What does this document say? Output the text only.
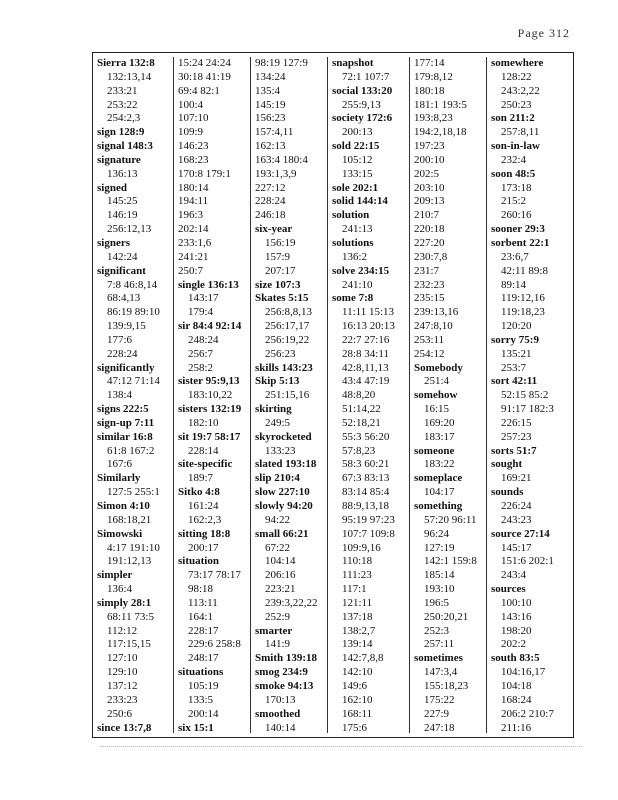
Page 312
Sierra 132:8
132:13,14
233:21
253:22
254:2,3
sign 128:9
signal 148:3
signature
136:13
signed
145:25
146:19
256:12,13
signers
142:24
significant
7:8 46:8,14
68:4,13
86:19 89:10
139:9,15
177:6
228:24
significantly
47:12 71:14
138:4
signs 222:5
sign-up 7:11
similar 16:8
61:8 167:2
167:6
Similarly
127:5 255:1
Simon 4:10
168:18,21
Simowski
4:17 191:10
191:12,13
simpler
136:4
simply 28:1
68:11 73:5
112:12
117:15,15
127:10
129:10
137:12
233:23
250:6
since 13:7,8
15:24 24:24
30:18 41:19
69:4 82:1
100:4
107:10
109:9
146:23
168:23
170:8 179:1
180:14
194:11
196:3
202:14
233:1,6
241:21
250:7
single 136:13
143:17
179:4
sir 84:4 92:14
248:24
256:7
258:2
sister 95:9,13
183:10,22
sisters 132:19
182:10
sit 19:7 58:17
228:14
site-specific
189:7
Sitko 4:8
161:24
162:2,3
sitting 18:8
200:17
situation
73:17 78:17
98:18
113:11
164:1
228:17
229:6 258:8
248:17
situations
105:19
133:5
200:14
six 15:1
98:19 127:9
134:24
135:4
145:19
156:23
157:4,11
162:13
163:4 180:4
193:1,3,9
227:12
228:24
246:18
six-year
156:19
157:9
207:17
size 107:3
Skates 5:15
256:8,8,13
256:17,17
256:19,22
256:23
skills 143:23
Skip 5:13
251:15,16
skirting
249:5
skyrocketed
133:23
slated 193:18
slip 210:4
slow 227:10
slowly 94:20
94:22
small 66:21
67:22
104:14
206:16
223:21
239:3,22,22
252:9
smarter
141:9
Smith 139:18
smog 234:9
smoke 94:13
170:13
smoothed
140:14
snapshot
72:1 107:7
social 133:20
255:9,13
society 172:6
200:13
sold 22:15
105:12
133:15
sole 202:1
solid 144:14
solution
241:13
solutions
136:2
solve 234:15
241:10
some 7:8
11:11 15:13
16:13 20:13
22:7 27:16
28:8 34:11
42:8,11,13
43:4 47:19
48:8,20
51:14,22
52:18,21
55:3 56:20
57:8,23
58:3 60:21
67:3 83:13
83:14 85:4
88:9,13,18
95:19 97:23
107:7 109:8
109:9,16
110:18
111:23
117:1
121:11
137:18
138:2,7
139:14
142:7,8,8
142:10
149:6
162:10
168:11
175:6
177:14
179:8,12
180:18
181:1 193:5
193:8,23
194:2,18,18
197:23
200:10
202:5
203:10
209:13
210:7
220:18
227:20
230:7,8
231:7
232:23
235:15
239:13,16
247:8,10
253:11
254:12
Somebody
251:4
somehow
16:15
169:20
183:17
someone
183:22
someplace
104:17
something
57:20 96:11
96:24
127:19
142:1 159:8
185:14
193:10
196:5
250:20,21
252:3
257:11
sometimes
147:3,4
155:18,23
175:22
227:9
247:18
somewhere
128:22
243:2,22
250:23
son 211:2
257:8,11
son-in-law
232:4
soon 48:5
173:18
215:2
260:16
sooner 29:3
sorbent 22:1
23:6,7
42:11 89:8
89:14
119:12,16
119:18,23
120:20
sorry 75:9
135:21
253:7
sort 42:11
52:15 85:2
91:17 182:3
226:15
257:23
sorts 51:7
sought
169:21
sounds
226:24
243:23
source 27:14
145:17
151:6 202:1
243:4
sources
100:10
143:16
198:20
202:2
south 83:5
104:16,17
104:18
168:24
206:2 210:7
211:16
